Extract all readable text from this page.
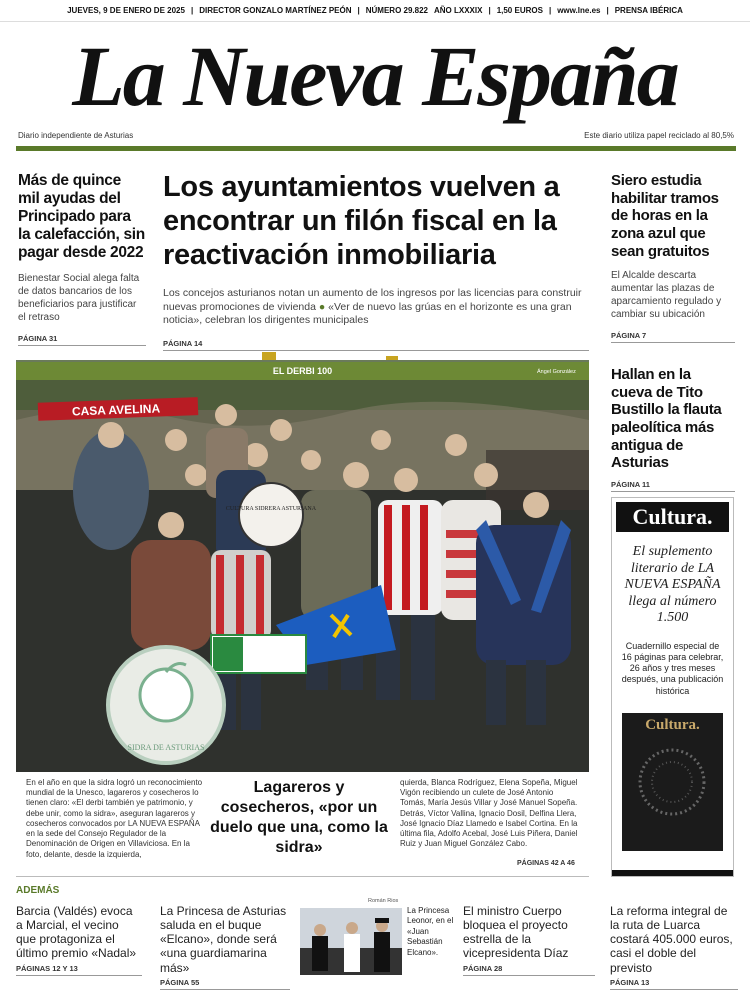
JUEVES, 9 DE ENERO DE 2025 | DIRECTOR GONZALO MARTÍNEZ PEÓN | NÚMERO 29.822 AÑO LXXXIX | 1,50 EUROS | www.lne.es | PRENSA IBÉRICA
La Nueva España
Diario independiente de Asturias	Este diario utiliza papel reciclado al 80,5%
Más de quince mil ayudas del Principado para la calefacción, sin pagar desde 2022
Bienestar Social alega falta de datos bancarios de los beneficiarios para justificar el retraso
PÁGINA 31
Los ayuntamientos vuelven a encontrar un filón fiscal en la reactivación inmobiliaria
Los concejos asturianos notan un aumento de los ingresos por las licencias para construir nuevas promociones de vivienda ● «Ver de nuevo las grúas en el horizonte es una gran noticia», celebran los dirigentes municipales
PÁGINA 14
Siero estudia habilitar tramos de horas en la zona azul que sean gratuitos
El Alcalde descarta aumentar las plazas de aparcamiento regulado y cambiar su ubicación
PÁGINA 7
Hallan en la cueva de Tito Bustillo la flauta paleolítica más antigua de Asturias
PÁGINA 11
CASA AVELINA
CULTURA SIDRERA ASTURIANA
SIDRA DE ASTURIAS
EL DERBI 100	Ángel González
En el año en que la sidra logró un reconocimiento mundial de la Unesco, lagareros y cosecheros lo tienen claro: «El derbi también ye patrimonio, y debe unir, como la sidra», aseguran lagareros y cosecheros convocados por LA NUEVA ESPAÑA en la sede del Consejo Regulador de la Denominación de Origen en Villaviciosa. En la foto, delante, desde la izquierda,
Lagareros y cosecheros, «por un duelo que una, como la sidra»
quierda, Blanca Rodríguez, Elena Sopeña, Miguel Vigón recibiendo un culete de José Antonio Tomás, María Jesús Villar y José Manuel Sopeña. Detrás, Víctor Vallina, Ignacio Dosil, Delfina Llera, José Ignacio Díaz Llamedo e Isabel Cortina. En la última fila, Adolfo Acebal, José Luis Piñera, Daniel Ruiz y Juan Miguel González Cabo.
PÁGINAS 42 A 46
Cultura.
El suplemento literario de LA NUEVA ESPAÑA llega al número 1.500
Cuadernillo especial de 16 páginas para celebrar, 26 años y tres meses después, una publicación histórica
Cultura.
ADEMÁS
Barcia (Valdés) evoca a Marcial, el vecino que protagoniza el último premio «Nadal»
PÁGINAS 12 Y 13
La Princesa de Asturias saluda en el buque «Elcano», donde será «una guardiamarina más»
PÁGINA 55
Román Rios
La Princesa Leonor, en el «Juan Sebastián Elcano».
El ministro Cuerpo bloquea el proyecto estrella de la vicepresidenta Díaz
PÁGINA 28
La reforma integral de la ruta de Luarca costará 405.000 euros, casi el doble del previsto
PÁGINA 13
